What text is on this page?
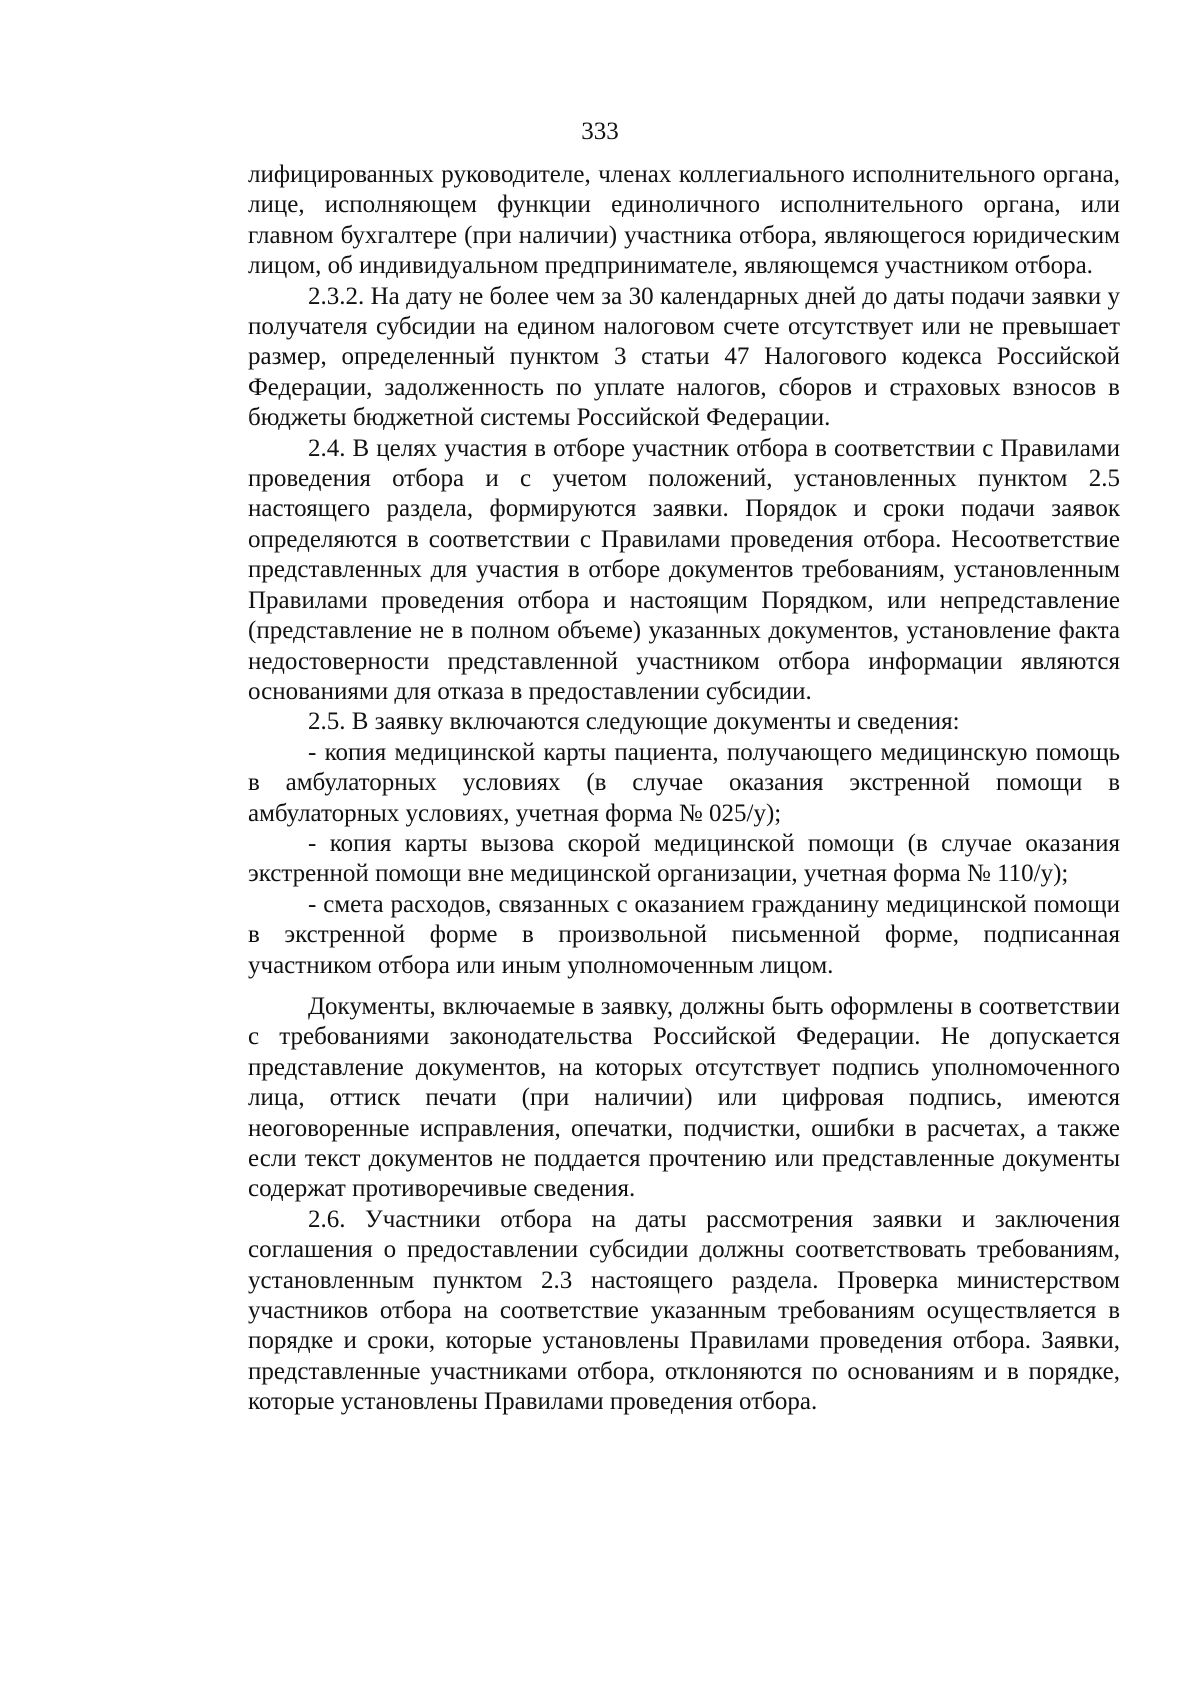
333

лифицированных руководителе, членах коллегиального исполнительного органа, лице, исполняющем функции единоличного исполнительного органа, или главном бухгалтере (при наличии) участника отбора, являющегося юридическим лицом, об индивидуальном предпринимателе, являющемся участником отбора.

2.3.2. На дату не более чем за 30 календарных дней до даты подачи заявки у получателя субсидии на едином налоговом счете отсутствует или не превышает размер, определенный пунктом 3 статьи 47 Налогового кодекса Российской Федерации, задолженность по уплате налогов, сборов и страховых взносов в бюджеты бюджетной системы Российской Федерации.

2.4. В целях участия в отборе участник отбора в соответствии с Правилами проведения отбора и с учетом положений, установленных пунктом 2.5 настоящего раздела, формируются заявки. Порядок и сроки подачи заявок определяются в соответствии с Правилами проведения отбора. Несоответствие представленных для участия в отборе документов требованиям, установленным Правилами проведения отбора и настоящим Порядком, или непредставление (представление не в полном объеме) указанных документов, установление факта недостоверности представленной участником отбора информации являются основаниями для отказа в предоставлении субсидии.

2.5. В заявку включаются следующие документы и сведения:

- копия медицинской карты пациента, получающего медицинскую помощь в амбулаторных условиях (в случае оказания экстренной помощи в амбулаторных условиях, учетная форма № 025/у);

- копия карты вызова скорой медицинской помощи (в случае оказания экстренной помощи вне медицинской организации, учетная форма № 110/у);

- смета расходов, связанных с оказанием гражданину медицинской помощи в экстренной форме в произвольной письменной форме, подписанная участником отбора или иным уполномоченным лицом.

Документы, включаемые в заявку, должны быть оформлены в соответствии с требованиями законодательства Российской Федерации. Не допускается представление документов, на которых отсутствует подпись уполномоченного лица, оттиск печати (при наличии) или цифровая подпись, имеются неоговоренные исправления, опечатки, подчистки, ошибки в расчетах, а также если текст документов не поддается прочтению или представленные документы содержат противоречивые сведения.

2.6. Участники отбора на даты рассмотрения заявки и заключения соглашения о предоставлении субсидии должны соответствовать требованиям, установленным пунктом 2.3 настоящего раздела. Проверка министерством участников отбора на соответствие указанным требованиям осуществляется в порядке и сроки, которые установлены Правилами проведения отбора. Заявки, представленные участниками отбора, отклоняются по основаниям и в порядке, которые установлены Правилами проведения отбора.
